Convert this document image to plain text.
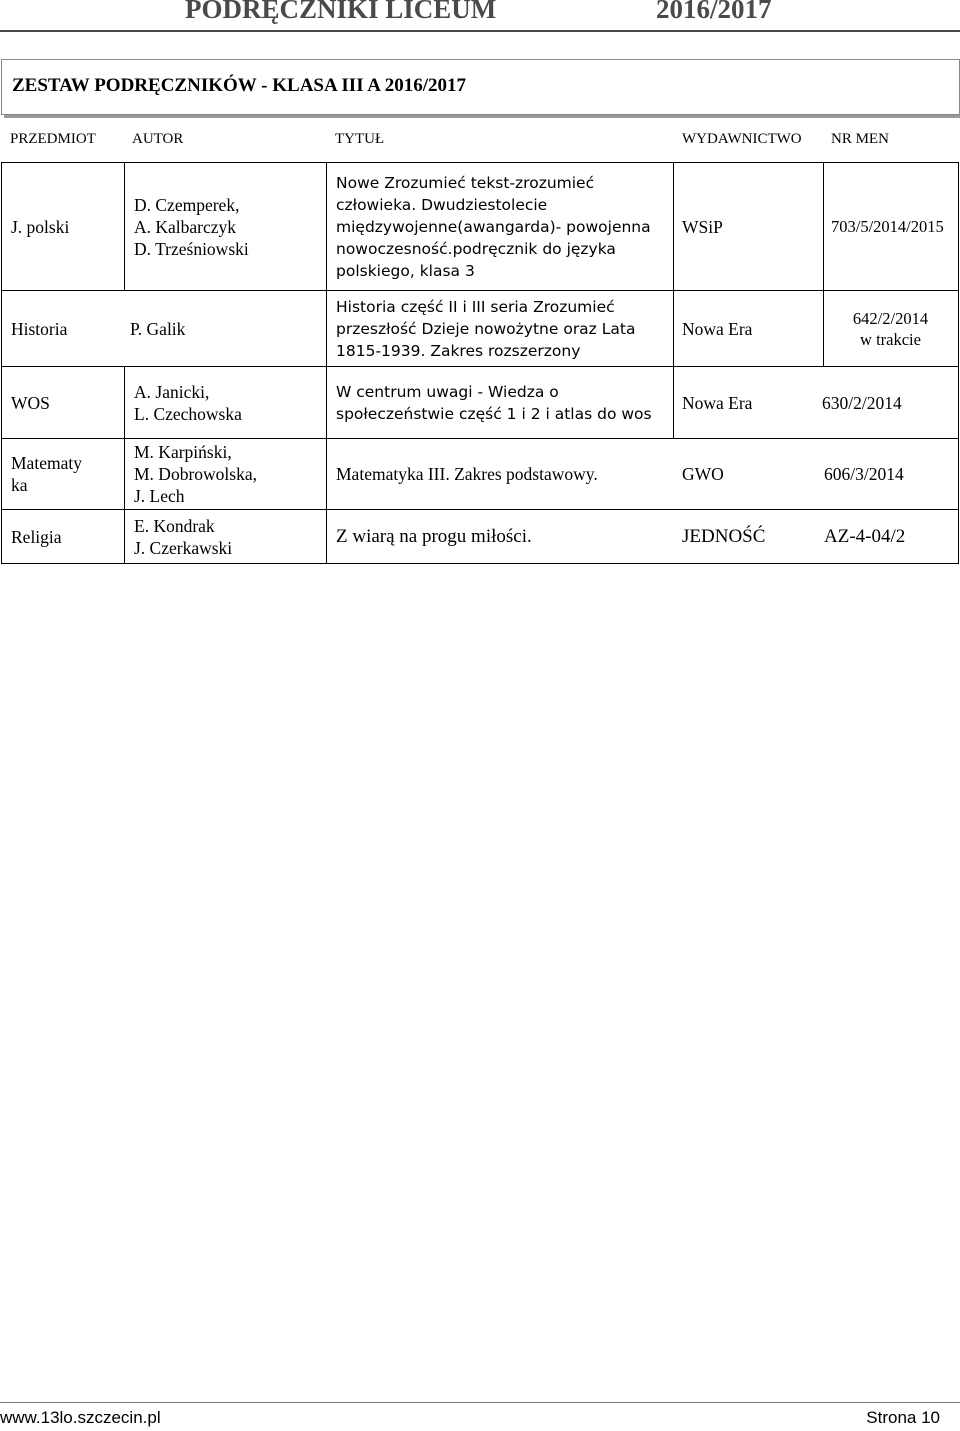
PODRĘCZNIKI LICEUM	2016/2017
ZESTAW PODRĘCZNIKÓW - KLASA III A 2016/2017
PRZEDMIOT AUTOR	TYTUŁ	WYDAWNICTWO NR MEN
J. polski	D. Czemperek,
A. Kalbarczyk
D. Trześniowski	Nowe Zrozumieć tekst-zrozumieć człowieka. Dwudziestolecie międzywojenne(awangarda)- powojenna nowoczesność.podręcznik do języka polskiego, klasa 3	WSiP	703/5/2014/2015
Historia P. Galik		Historia część II i III seria Zrozumieć przeszłość Dzieje nowożytne oraz Lata 1815-1939. Zakres rozszerzony	Nowa Era	642/2/2014
w trakcie
WOS	A. Janicki,
L. Czechowska	W centrum uwagi - Wiedza o społeczeństwie część 1 i 2 i atlas do wos	Nowa Era 630/2/2014	
Matematy
ka	M. Karpiński,
M. Dobrowolska,
J. Lech	Matematyka III. Zakres podstawowy. GWO 606/3/2014		
Religia	E. Kondrak
J. Czerkawski	Z wiarą na progu miłości. JEDNOŚĆ AZ-4-04/2		
www.13lo.szczecin.pl	Strona 10
